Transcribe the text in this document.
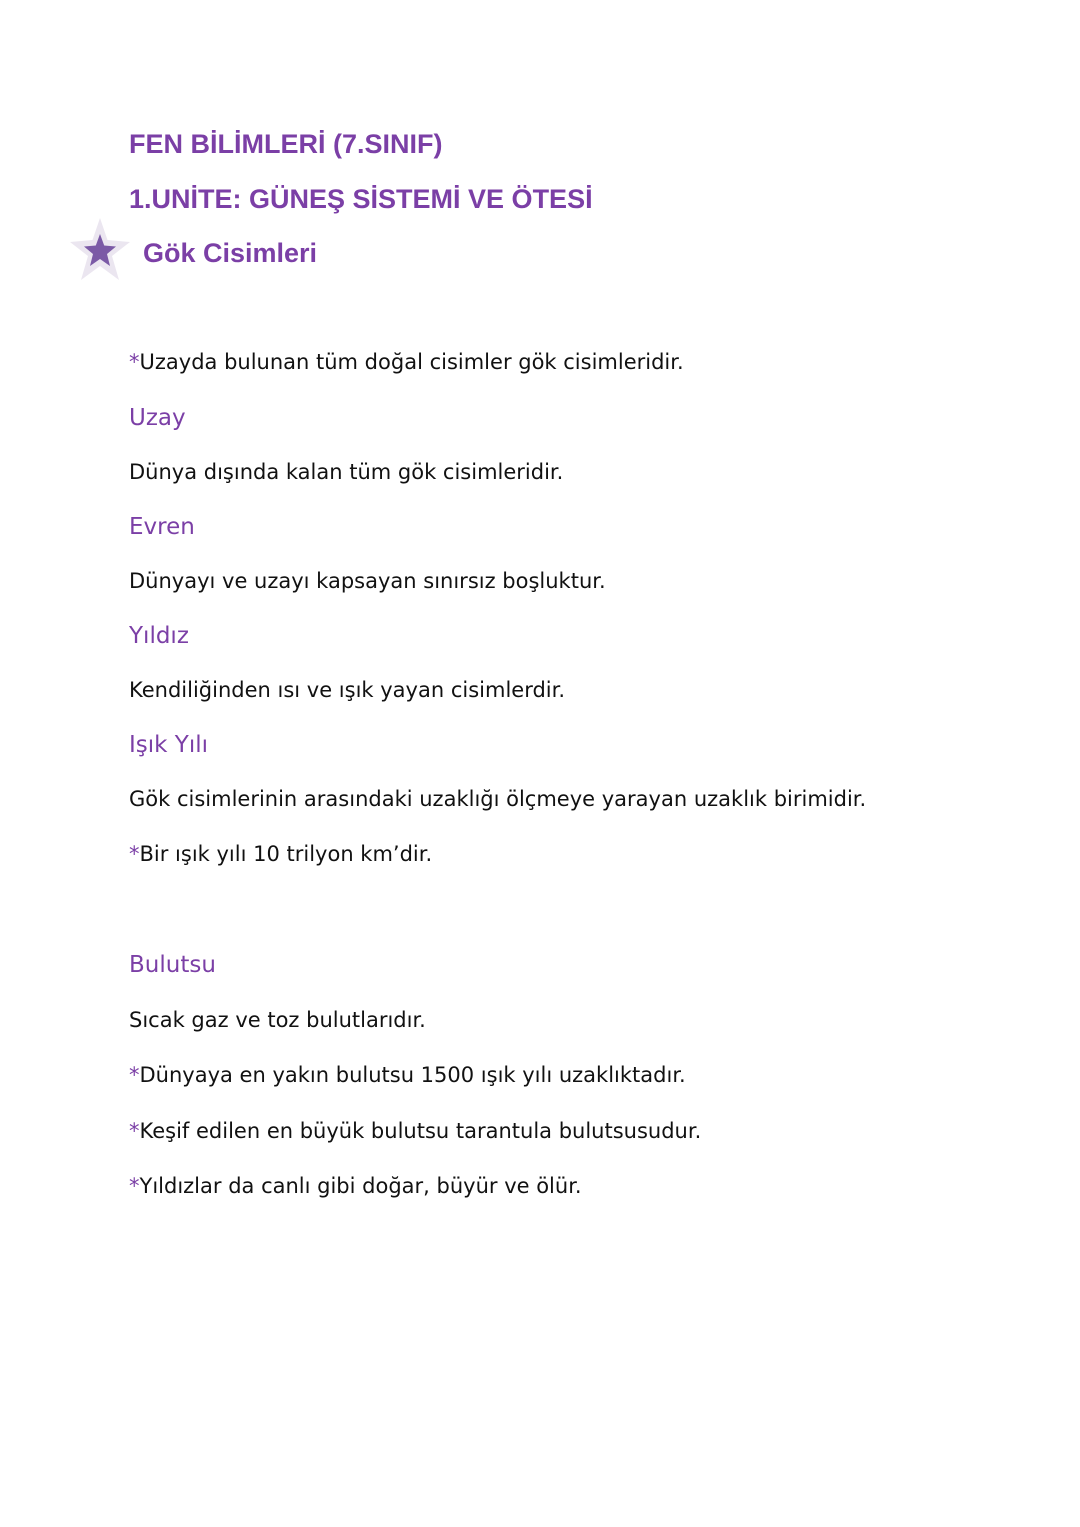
FEN BİLİMLERİ (7.SINIF)
1.UNİTE: GÜNEŞ SİSTEMİ VE ÖTESİ
Gök Cisimleri
*Uzayda bulunan tüm doğal cisimler gök cisimleridir.
Uzay
Dünya dışında kalan tüm gök cisimleridir.
Evren
Dünyayı ve uzayı kapsayan sınırsız boşluktur.
Yıldız
Kendiliğinden ısı ve ışık yayan cisimlerdir.
Işık Yılı
Gök cisimlerinin arasındaki uzaklığı ölçmeye yarayan uzaklık birimidir.
*Bir ışık yılı 10 trilyon km’dir.
Bulutsu
Sıcak gaz ve toz bulutlarıdır.
*Dünyaya en yakın bulutsu 1500 ışık yılı uzaklıktadır.
*Keşif edilen en büyük bulutsu tarantula bulutsusudur.
*Yıldızlar da canlı gibi doğar, büyür ve ölür.
